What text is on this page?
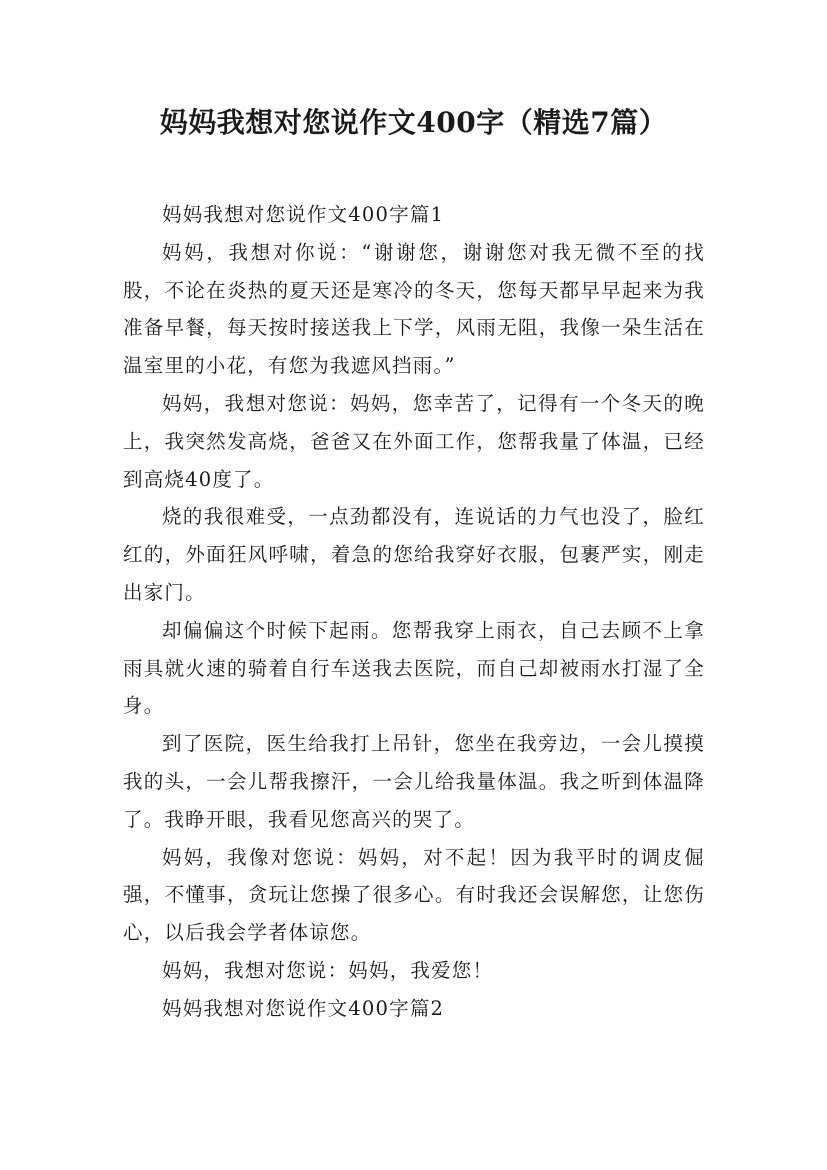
妈妈我想对您说作文400字（精选7篇）

妈妈我想对您说作文400字篇1

妈妈，我想对你说：“谢谢您，谢谢您对我无微不至的找股，不论在炎热的夏天还是寒冷的冬天，您每天都早早起来为我准备早餐，每天按时接送我上下学，风雨无阻，我像一朵生活在温室里的小花，有您为我遮风挡雨。”

妈妈，我想对您说：妈妈，您幸苦了，记得有一个冬天的晚上，我突然发高烧，爸爸又在外面工作，您帮我量了体温，已经到高烧40度了。

烧的我很难受，一点劲都没有，连说话的力气也没了，脸红红的，外面狂风呼啸，着急的您给我穿好衣服，包裹严实，刚走出家门。

却偏偏这个时候下起雨。您帮我穿上雨衣，自己去顾不上拿雨具就火速的骑着自行车送我去医院，而自己却被雨水打湿了全身。

到了医院，医生给我打上吊针，您坐在我旁边，一会儿摸摸我的头，一会儿帮我擦汗，一会儿给我量体温。我之听到体温降了。我睁开眼，我看见您高兴的哭了。

妈妈，我像对您说：妈妈，对不起！因为我平时的调皮倔强，不懂事，贪玩让您操了很多心。有时我还会误解您，让您伤心，以后我会学者体谅您。

妈妈，我想对您说：妈妈，我爱您！

妈妈我想对您说作文400字篇2
